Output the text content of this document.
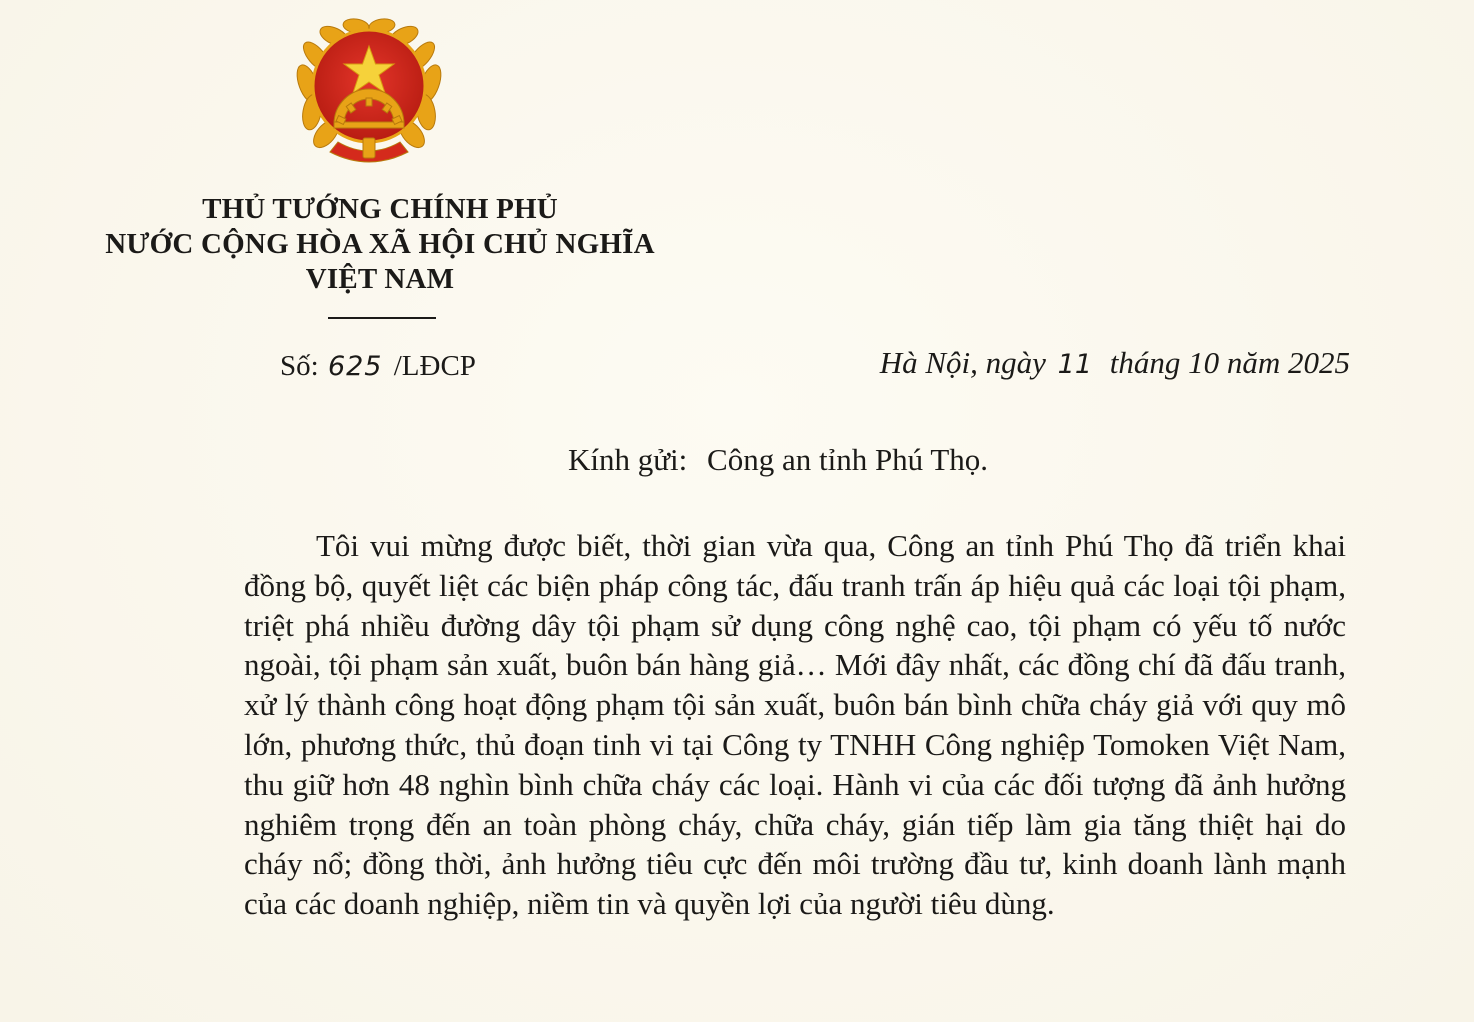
THỦ TƯỚNG CHÍNH PHỦ
NƯỚC CỘNG HÒA XÃ HỘI CHỦ NGHĨA
VIỆT NAM
Số: 625 /LĐCP	Hà Nội, ngày 11 tháng 10 năm 2025
Kính gửi: Công an tỉnh Phú Thọ.

Tôi vui mừng được biết, thời gian vừa qua, Công an tỉnh Phú Thọ đã triển khai đồng bộ, quyết liệt các biện pháp công tác, đấu tranh trấn áp hiệu quả các loại tội phạm, triệt phá nhiều đường dây tội phạm sử dụng công nghệ cao, tội phạm có yếu tố nước ngoài, tội phạm sản xuất, buôn bán hàng giả… Mới đây nhất, các đồng chí đã đấu tranh, xử lý thành công hoạt động phạm tội sản xuất, buôn bán bình chữa cháy giả với quy mô lớn, phương thức, thủ đoạn tinh vi tại Công ty TNHH Công nghiệp Tomoken Việt Nam, thu giữ hơn 48 nghìn bình chữa cháy các loại. Hành vi của các đối tượng đã ảnh hưởng nghiêm trọng đến an toàn phòng cháy, chữa cháy, gián tiếp làm gia tăng thiệt hại do cháy nổ; đồng thời, ảnh hưởng tiêu cực đến môi trường đầu tư, kinh doanh lành mạnh của các doanh nghiệp, niềm tin và quyền lợi của người tiêu dùng.
